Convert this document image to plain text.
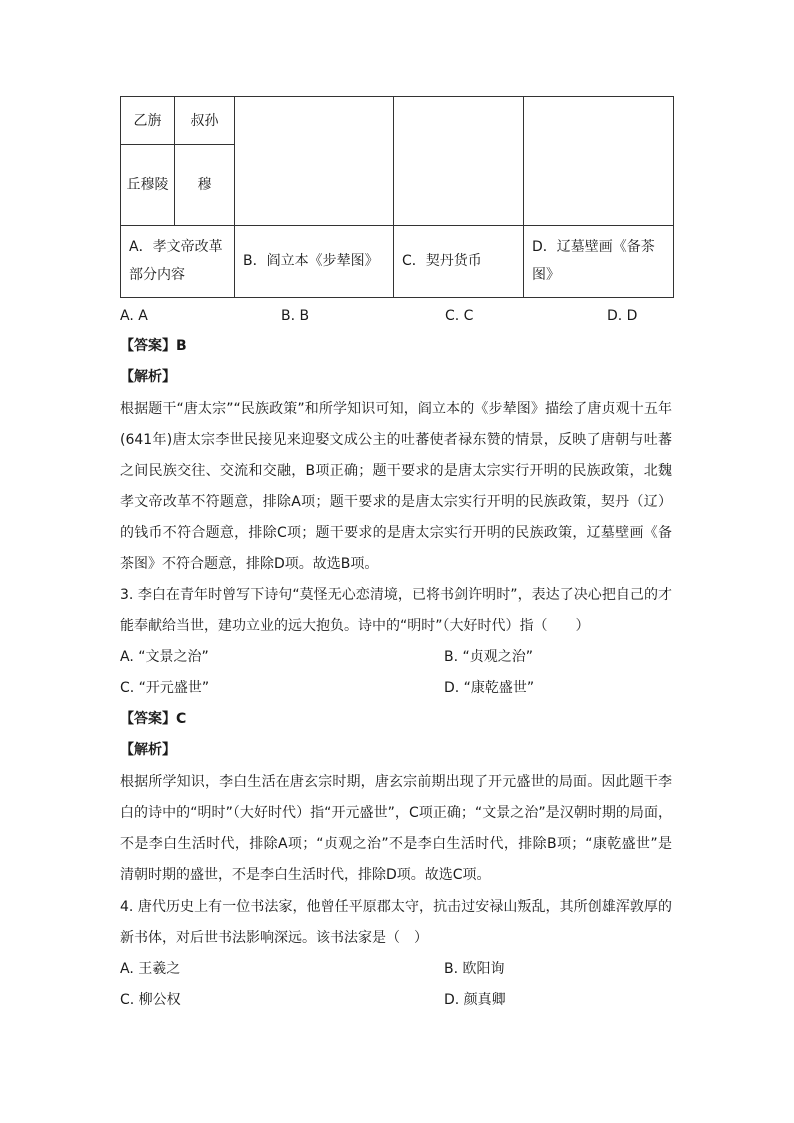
乙旃	叔孙			
丘穆陵	穆			
A．孝文帝改革部分内容		B．阎立本《步辇图》	C．契丹货币	D．辽墓壁画《备茶图》
A. A	B. B	C. C	D. D
【答案】B
【解析】

根据题干“唐太宗”“民族政策”和所学知识可知，阎立本的《步辇图》描绘了唐贞观十五年(641年)唐太宗李世民接见来迎娶文成公主的吐蕃使者禄东赞的情景，反映了唐朝与吐蕃之间民族交往、交流和交融，B项正确；题干要求的是唐太宗实行开明的民族政策，北魏孝文帝改革不符题意，排除A项；题干要求的是唐太宗实行开明的民族政策，契丹（辽）的钱币不符合题意，排除C项；题干要求的是唐太宗实行开明的民族政策，辽墓壁画《备茶图》不符合题意，排除D项。故选B项。

3. 李白在青年时曾写下诗句“莫怪无心恋清境，已将书剑许明时”，表达了决心把自己的才能奉献给当世，建功立业的远大抱负。诗中的“明时”（大好时代）指（　　）

A. “文景之治”	B. “贞观之治”
C. “开元盛世”	D. “康乾盛世”
【答案】C
【解析】

根据所学知识，李白生活在唐玄宗时期，唐玄宗前期出现了开元盛世的局面。因此题干李白的诗中的“明时”（大好时代）指“开元盛世”，C项正确；“文景之治”是汉朝时期的局面，不是李白生活时代，排除A项；“贞观之治”不是李白生活时代，排除B项；“康乾盛世”是清朝时期的盛世，不是李白生活时代，排除D项。故选C项。

4. 唐代历史上有一位书法家，他曾任平原郡太守，抗击过安禄山叛乱，其所创雄浑敦厚的新书体，对后世书法影响深远。该书法家是（　）

A. 王羲之	B. 欧阳询
C. 柳公权	D. 颜真卿
